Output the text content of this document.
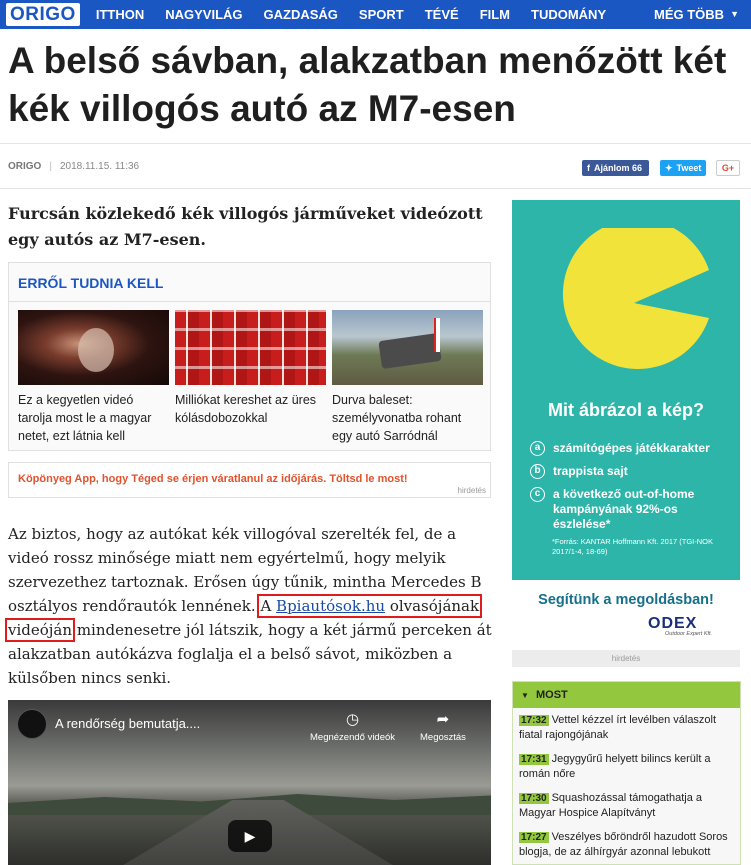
ORIGO	ITTHON NAGYVILÁG GAZDASÁG SPORT TÉVÉ FILM TUDOMÁNY	MÉG TÖBB ▼
A belső sávban, alakzatban menőzött két kék villogós autó az M7-esen
ORIGO | 2018.11.15. 11:36	f Ajánlom 66	✦ Tweet G+

Furcsán közlekedő kék villogós járműveket videózott egy autós az M7-esen.

ERRŐL TUDNIA KELL
Ez a kegyetlen videó tarolja most le a magyar netet, ezt látnia kell
Milliókat kereshet az üres kólásdobozokkal
Durva baleset: személyvonatba rohant egy autó Sarródnál
Köpönyeg App, hogy Téged se érjen váratlanul az időjárás. Töltsd le most!
hirdetés

Az biztos, hogy az autókat kék villogóval szerelték fel, de a videó rossz minősége miatt nem egyértelmű, hogy melyik szervezethez tartoznak. Erősen úgy tűnik, mintha Mercedes B osztályos rendőrautók lennének. A Bpiautósok.hu olvasójának videóján mindenesetre jól látszik, hogy a két jármű perceken át alakzatban autókázva foglalja el a belső sávot, miközben a külsőben nincs senki.

A rendőrség bemutatja....	◷
Megnézendő videók
➦
Megosztás
▶
Mit ábrázol a kép?
a	számítógépes játékkarakter
b	trappista sajt
c	a következő out-of-home kampányának 92%-os észlelése*
*Forrás: KANTAR Hoffmann Kft. 2017 (TGI-NOK 2017/1-4, 18-69)
Segítünk a megoldásban!
ODEX
Outdoor Expert Kft.
hirdetés
▼ MOST
17:32 Vettel kézzel írt levélben válaszolt fiatal rajongójának
17:31 Jegygyűrű helyett bilincs került a román nőre
17:30 Squashozással támogathatja a Magyar Hospice Alapítványt
17:27 Veszélyes bőröndről hazudott Soros blogja, de az álhírgyár azonnal lebukott
